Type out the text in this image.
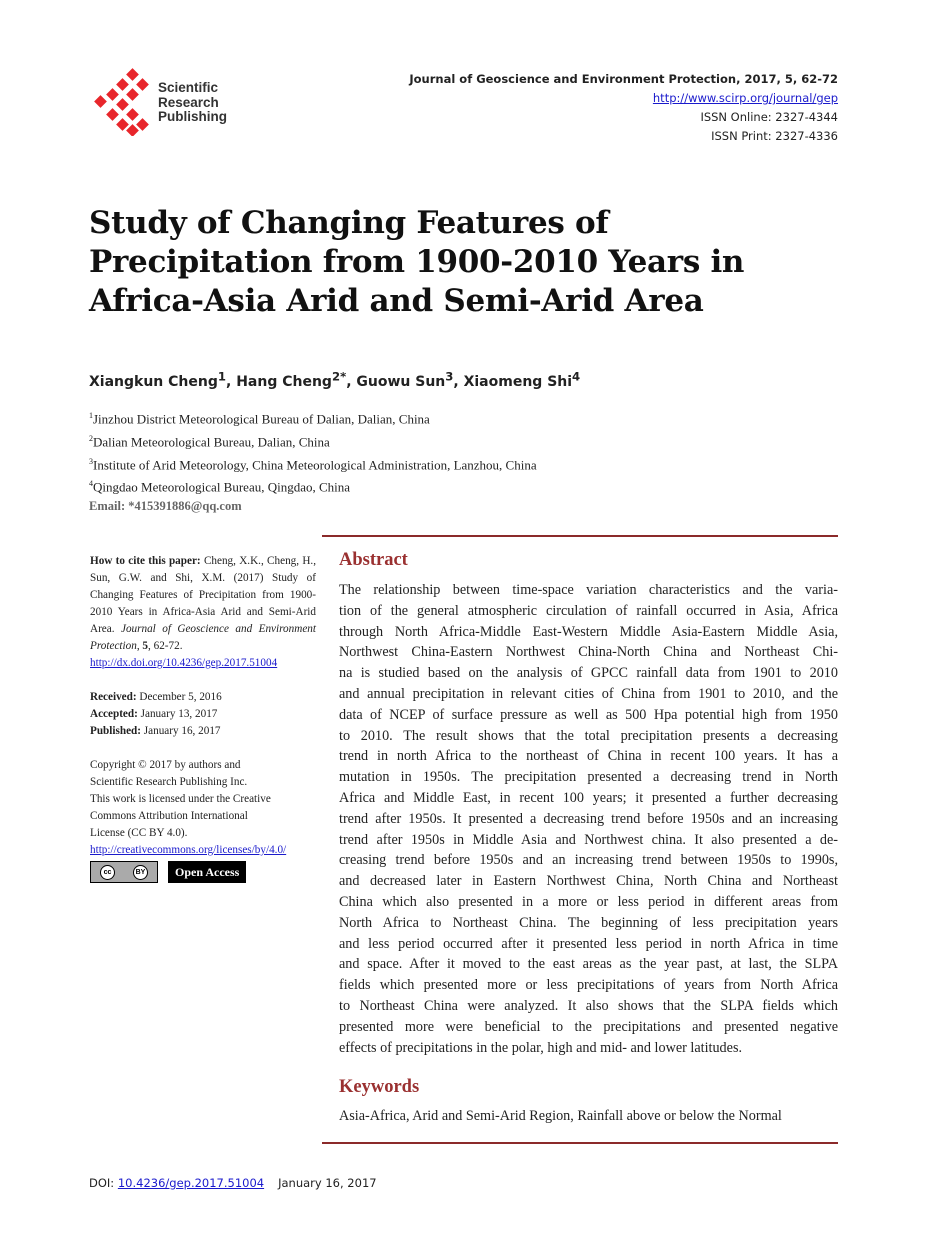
Scientific
Research
Publishing
Journal of Geoscience and Environment Protection, 2017, 5, 62-72
http://www.scirp.org/journal/gep
ISSN Online: 2327-4344
ISSN Print: 2327-4336
Study of Changing Features of Precipitation from 1900-2010 Years in Africa-Asia Arid and Semi-Arid Area
Xiangkun Cheng$^1$, Hang Cheng$^{2*}$, Guowu Sun$^3$, Xiaomeng Shi$^4$
$^1$Jinzhou District Meteorological Bureau of Dalian, Dalian, China
$^2$Dalian Meteorological Bureau, Dalian, China
$^3$Institute of Arid Meteorology, China Meteorological Administration, Lanzhou, China
$^4$Qingdao Meteorological Bureau, Qingdao, China
Email: *415391886@qq.com
How to cite this paper: Cheng, X.K., Cheng, H., Sun, G.W. and Shi, X.M. (2017) Study of Changing Features of Precipitation from 1900-2010 Years in Africa-Asia Arid and Semi-Arid Area. Journal of Geoscience and Environment Protection, 5, 62-72.
http://dx.doi.org/10.4236/gep.2017.51004
Received: December 5, 2016
Accepted: January 13, 2017
Published: January 16, 2017
Copyright © 2017 by authors and
Scientific Research Publishing Inc.
This work is licensed under the Creative
Commons Attribution International
License (CC BY 4.0).
http://creativecommons.org/licenses/by/4.0/
cc	BY	Open Access
Abstract
The relationship between time-space variation characteristics and the varia-
tion of the general atmospheric circulation of rainfall occurred in Asia, Africa
through North Africa-Middle East-Western Middle Asia-Eastern Middle Asia,
Northwest China-Eastern Northwest China-North China and Northeast Chi-
na is studied based on the analysis of GPCC rainfall data from 1901 to 2010
and annual precipitation in relevant cities of China from 1901 to 2010, and the
data of NCEP of surface pressure as well as 500 Hpa potential high from 1950
to 2010. The result shows that the total precipitation presents a decreasing
trend in north Africa to the northeast of China in recent 100 years. It has a
mutation in 1950s. The precipitation presented a decreasing trend in North
Africa and Middle East, in recent 100 years; it presented a further decreasing
trend after 1950s. It presented a decreasing trend before 1950s and an increasing
trend after 1950s in Middle Asia and Northwest china. It also presented a de-
creasing trend before 1950s and an increasing trend between 1950s to 1990s,
and decreased later in Eastern Northwest China, North China and Northeast
China which also presented in a more or less period in different areas from
North Africa to Northeast China. The beginning of less precipitation years
and less period occurred after it presented less period in north Africa in time
and space. After it moved to the east areas as the year past, at last, the SLPA
fields which presented more or less precipitations of years from North Africa
to Northeast China were analyzed. It also shows that the SLPA fields which
presented more were beneficial to the precipitations and presented negative
effects of precipitations in the polar, high and mid- and lower latitudes.
Keywords
Asia-Africa, Arid and Semi-Arid Region, Rainfall above or below the Normal
DOI: 10.4236/gep.2017.51004 January 16, 2017
